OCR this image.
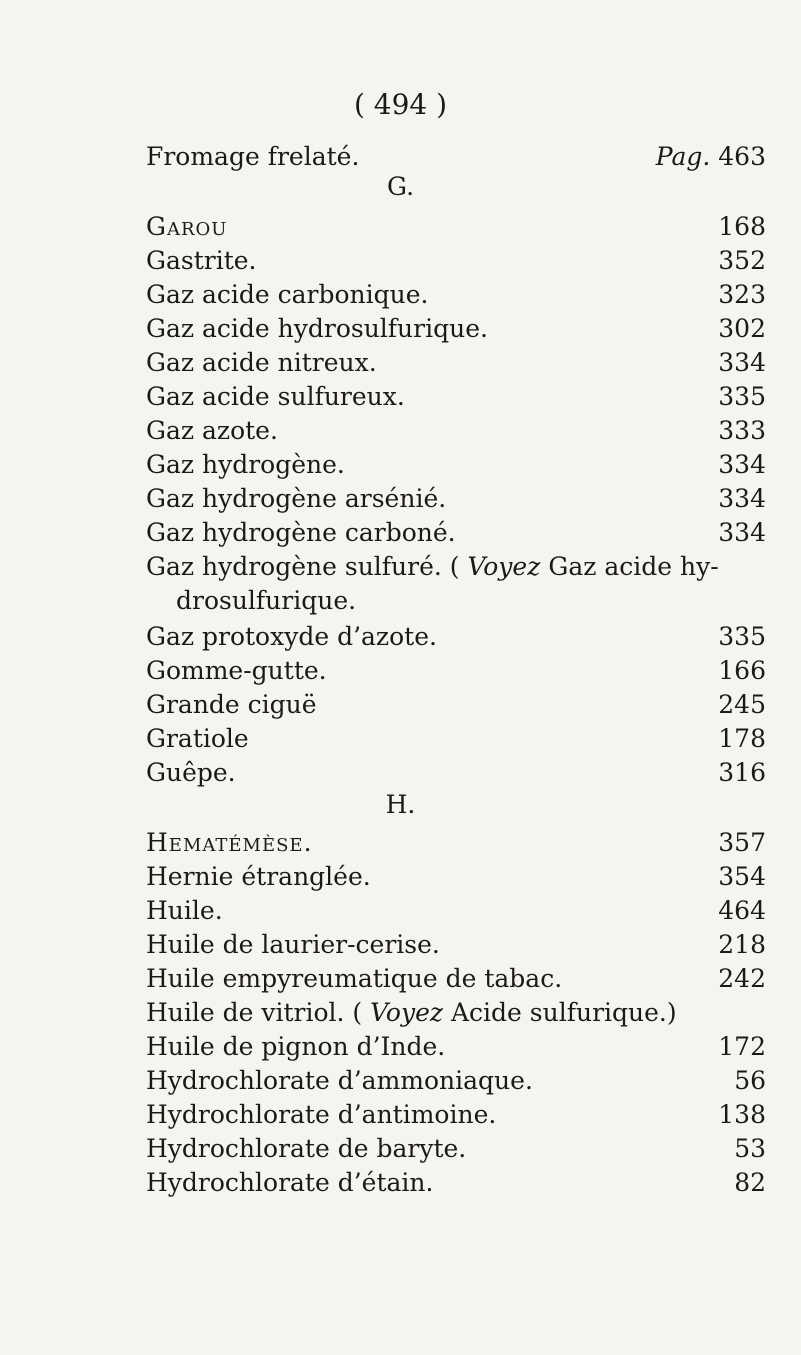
( 494 )
Fromage frelaté.	Pag. 463
G.
Garou	168
Gastrite.	352
Gaz acide carbonique.	323
Gaz acide hydrosulfurique.	302
Gaz acide nitreux.	334
Gaz acide sulfureux.	335
Gaz azote.	333
Gaz hydrogène.	334
Gaz hydrogène arsénié.	334
Gaz hydrogène carboné.	334
Gaz hydrogène sulfuré. ( Voyez Gaz acide hy-
drosulfurique.
Gaz protoxyde d’azote.	335
Gomme-gutte.	166
Grande ciguë	245
Gratiole	178
Guêpe.	316
H.
Hematémèse.	357
Hernie étranglée.	354
Huile.	464
Huile de laurier-cerise.	218
Huile empyreumatique de tabac.	242
Huile de vitriol. ( Voyez Acide sulfurique.)
Huile de pignon d’Inde.	172
Hydrochlorate d’ammoniaque.	56
Hydrochlorate d’antimoine.	138
Hydrochlorate de baryte.	53
Hydrochlorate d’étain.	82
